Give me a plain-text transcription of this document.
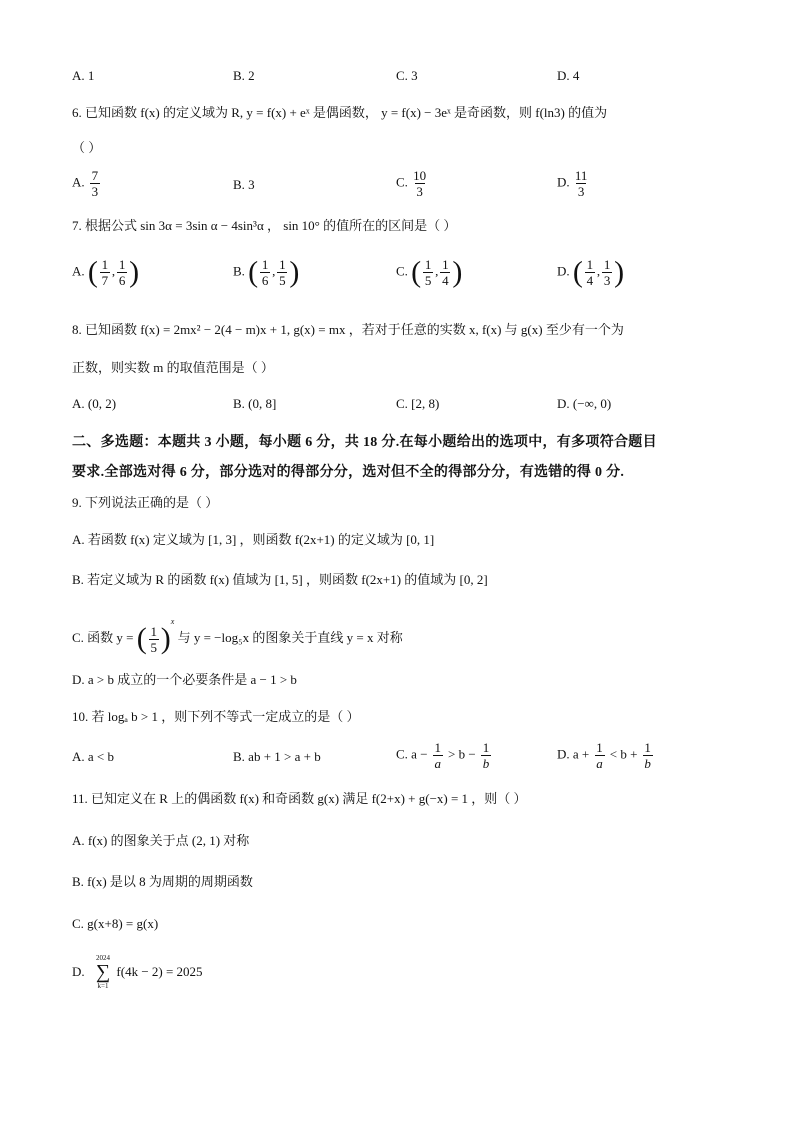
A. 1	B. 2	C. 3	D. 4
6. 已知函数 f(x) 的定义域为 R, y = f(x) + eˣ 是偶函数， y = f(x) − 3eˣ 是奇函数，则 f(ln3) 的值为
（ ）
A. $\frac{7}{3}$	B. 3	C. $\frac{10}{3}$	D. $\frac{11}{3}$
7. 根据公式 sin 3α = 3sin α − 4sin³α ， sin 10° 的值所在的区间是（ ）
A. ( $\frac{1}{7}$ , $\frac{1}{6}$ )	B. ( $\frac{1}{6}$ , $\frac{1}{5}$ )	C. ( $\frac{1}{5}$ , $\frac{1}{4}$ )	D. ( $\frac{1}{4}$ , $\frac{1}{3}$ )
8. 已知函数 f(x) = 2mx² − 2(4 − m)x + 1, g(x) = mx ，若对于任意的实数 x, f(x) 与 g(x) 至少有一个为
正数，则实数 m 的取值范围是（ ）
A. (0, 2)	B. (0, 8]	C. [2, 8)	D. (−∞, 0)
二、多选题：本题共 3 小题，每小题 6 分，共 18 分.在每小题给出的选项中，有多项符合题目
要求.全部选对得 6 分，部分选对的得部分分，选对但不全的得部分分，有选错的得 0 分.
9. 下列说法正确的是（ ）
A. 若函数 f(x) 定义域为 [1, 3] ，则函数 f(2x+1) 的定义域为 [0, 1]
B. 若定义域为 R 的函数 f(x) 值域为 [1, 5] ，则函数 f(2x+1) 的值域为 [0, 2]
C. 函数 y = ( $\frac{1}{5} )^x$ 与 y = −log₅x 的图象关于直线 y = x 对称
D. a > b 成立的一个必要条件是 a − 1 > b
10. 若 logₐ b > 1 ，则下列不等式一定成立的是（ ）
A. a < b	B. ab + 1 > a + b	C. $a - \frac{1}{a} > b - \frac{1}{b}$	D. $a + \frac{1}{a} < b + \frac{1}{b}$
11. 已知定义在 R 上的偶函数 f(x) 和奇函数 g(x) 满足 f(2+x) + g(−x) = 1 ，则（ ）
A. f(x) 的图象关于点 (2, 1) 对称
B. f(x) 是以 8 为周期的周期函数
C. g(x+8) = g(x)
D.
2024
∑
k=1
f(4k − 2) = 2025
